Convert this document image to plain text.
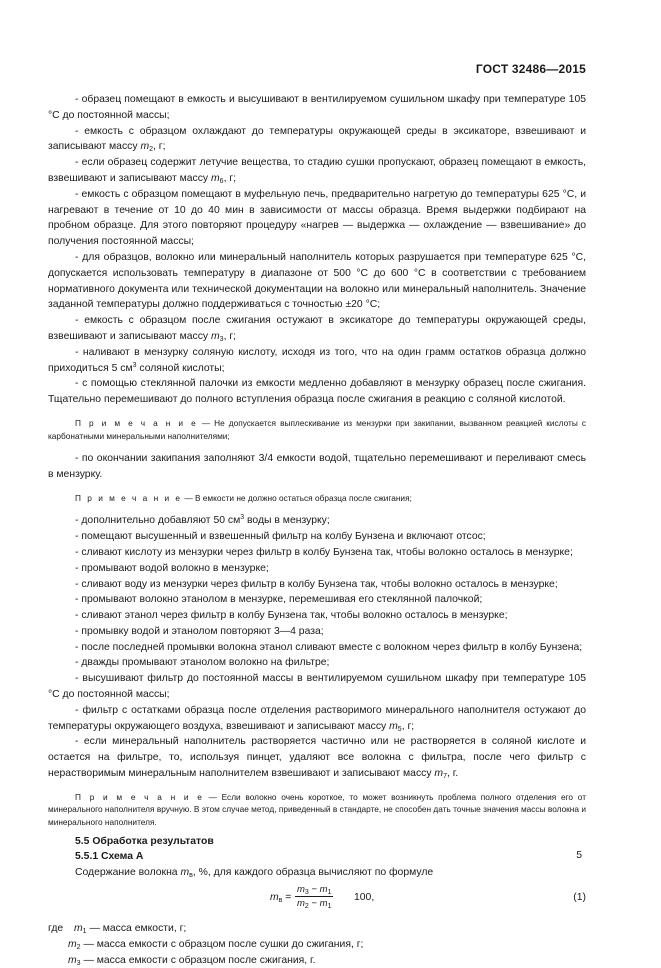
ГОСТ 32486—2015

- образец помещают в емкость и высушивают в вентилируемом сушильном шкафу при температуре 105 °C до постоянной массы;

- емкость с образцом охлаждают до температуры окружающей среды в эксикаторе, взвешивают и записывают массу $m_2$, г;

- если образец содержит летучие вещества, то стадию сушки пропускают, образец помещают в емкость, взвешивают и записывают массу $m_6$, г;

- емкость с образцом помещают в муфельную печь, предварительно нагретую до температуры 625 °C, и нагревают в течение от 10 до 40 мин в зависимости от массы образца. Время выдержки подбирают на пробном образце. Для этого повторяют процедуру «нагрев — выдержка — охлаждение — взвешивание» до получения постоянной массы;

- для образцов, волокно или минеральный наполнитель которых разрушается при температуре 625 °C, допускается использовать температуру в диапазоне от 500 °C до 600 °C в соответствии с требованием нормативного документа или технической документации на волокно или минеральный наполнитель. Значение заданной температуры должно поддерживаться с точностью ±20 °C;

- емкость с образцом после сжигания остужают в эксикаторе до температуры окружающей среды, взвешивают и записывают массу $m_3$, г;

- наливают в мензурку соляную кислоту, исходя из того, что на один грамм остатков образца должно приходиться 5 $см^3$ соляной кислоты;

- с помощью стеклянной палочки из емкости медленно добавляют в мензурку образец после сжигания. Тщательно перемешивают до полного вступления образца после сжигания в реакцию с соляной кислотой.

П р и м е ч а н и е — Не допускается выплескивание из мензурки при закипании, вызванном реакцией кислоты с карбонатными минеральными наполнителями;

- по окончании закипания заполняют 3/4 емкости водой, тщательно перемешивают и переливают смесь в мензурку.

П р и м е ч а н и е — В емкости не должно остаться образца после сжигания;

- дополнительно добавляют 50 $см^3$ воды в мензурку;

- помещают высушенный и взвешенный фильтр на колбу Бунзена и включают отсос;

- сливают кислоту из мензурки через фильтр в колбу Бунзена так, чтобы волокно осталось в мензурке;

- промывают водой волокно в мензурке;

- сливают воду из мензурки через фильтр в колбу Бунзена так, чтобы волокно осталось в мензурке;

- промывают волокно этанолом в мензурке, перемешивая его стеклянной палочкой;

- сливают этанол через фильтр в колбу Бунзена так, чтобы волокно осталось в мензурке;

- промывку водой и этанолом повторяют 3—4 раза;

- после последней промывки волокна этанол сливают вместе с волокном через фильтр в колбу Бунзена;

- дважды промывают этанолом волокно на фильтре;

- высушивают фильтр до постоянной массы в вентилируемом сушильном шкафу при температуре 105 °C до постоянной массы;

- фильтр с остатками образца после отделения растворимого минерального наполнителя остужают до температуры окружающего воздуха, взвешивают и записывают массу $m_5$, г;

- если минеральный наполнитель растворяется частично или не растворяется в соляной кислоте и остается на фильтре, то, используя пинцет, удаляют все волокна с фильтра, после чего фильтр с нерастворимым минеральным наполнителем взвешивают и записывают массу $m_7$, г.

П р и м е ч а н и е — Если волокно очень короткое, то может возникнуть проблема полного отделения его от минерального наполнителя вручную. В этом случае метод, приведенный в стандарте, не способен дать точные значения массы волокна и минерального наполнителя.

5.5 Обработка результатов

5.5.1 Схема А

Содержание волокна $m_в$, %, для каждого образца вычисляют по формуле

$m_в = \frac{m_3 - m_1}{m_2 - m_1} 100$,	(1)
где	$m_1$ — масса емкости, г;
$m_2$ — масса емкости с образцом после сушки до сжигания, г;
$m_3$ — масса емкости с образцом после сжигания, г.
5
